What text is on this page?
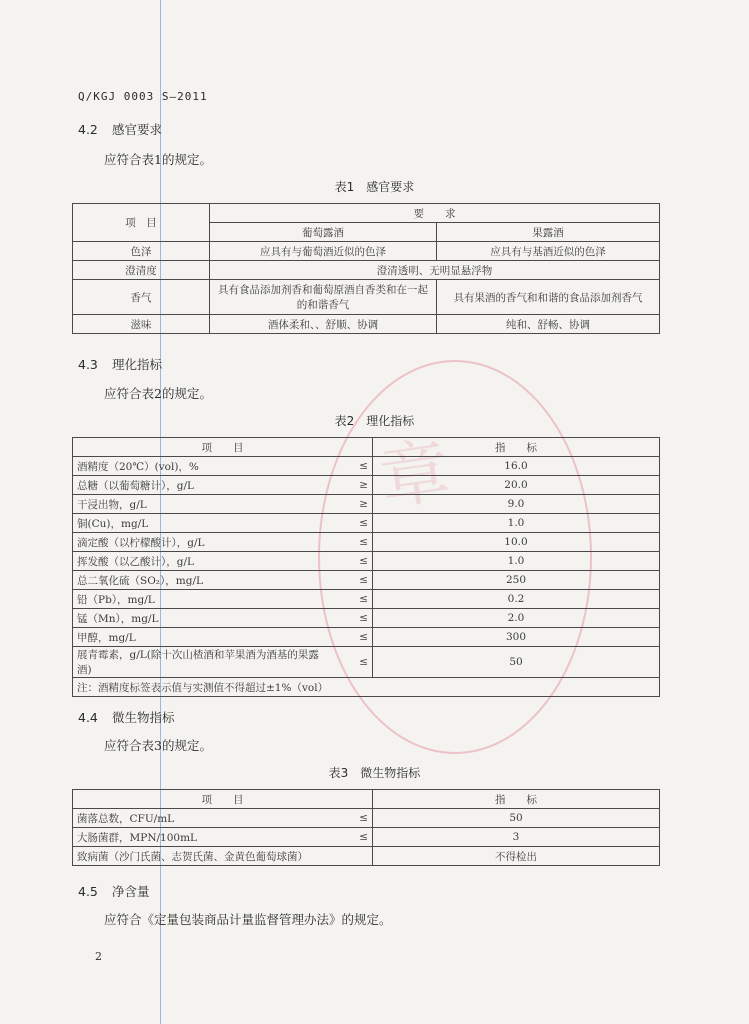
章
Q/KGJ 0003 S—2011
4.2 感官要求
应符合表1的规定。
表1　感官要求
项　目	要　　求	
	葡萄露酒	果露酒
色泽	应具有与葡萄酒近似的色泽	应具有与基酒近似的色泽
澄清度	澄清透明、无明显悬浮物	
香气	具有食品添加剂香和葡萄原酒自香类和在一起的和谐香气	具有果酒的香气和和谐的食品添加剂香气
滋味	酒体柔和、、舒顺、协调	纯和、舒畅、协调
4.3 理化指标
应符合表2的规定。
表2　理化指标
项　　目		指　　标
酒精度（20℃）(vol)，%	≤	16.0
总糖（以葡萄糖计），g/L	≥	20.0
干浸出物，g/L	≥	9.0
铜(Cu)，mg/L	≤	1.0
滴定酸（以柠檬酸计），g/L	≤	10.0
挥发酸（以乙酸计），g/L	≤	1.0
总二氧化硫（SO₂），mg/L	≤	250
铅（Pb），mg/L	≤	0.2
锰（Mn），mg/L	≤	2.0
甲醇，mg/L	≤	300
展青霉素，g/L(除十次山楂酒和苹果酒为酒基的果露酒)	≤	50
注：酒精度标签表示值与实测值不得超过±1%（vol）		
4.4 微生物指标
应符合表3的规定。
表3　微生物指标
项　　目		指　　标
菌落总数，CFU/mL	≤	50
大肠菌群，MPN/100mL	≤	3
致病菌（沙门氏菌、志贺氏菌、金黄色葡萄球菌）		不得检出
4.5 净含量
应符合《定量包装商品计量监督管理办法》的规定。
2
